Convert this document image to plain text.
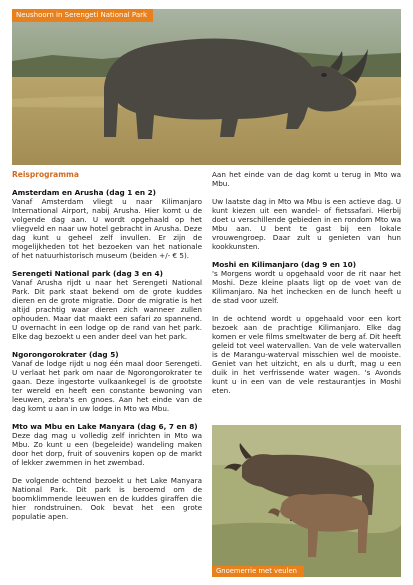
Neushoorn in Serengeti National Park
Reisprogramma
Amsterdam en Arusha (dag 1 en 2)

Vanaf Amsterdam vliegt u naar Kilimanjaro International Airport, nabij Arusha. Hier komt u de volgende dag aan. U wordt opgehaald op het vliegveld en naar uw hotel gebracht in Arusha. Deze dag kunt u geheel zelf invullen. Er zijn de mogelijkheden tot het bezoeken van het nationale of het natuurhistorisch museum (beiden +/- € 5).

Serengeti National park (dag 3 en 4)

Vanaf Arusha rijdt u naar het Serengeti National Park. Dit park staat bekend om de grote kuddes dieren en de grote migratie. Door de migratie is het altijd prachtig waar dieren zich wanneer zullen ophouden. Maar dat maakt een safari zo spannend. U overnacht in een lodge op de rand van het park. Elke dag bezoekt u een ander deel van het park.

Ngorongorokrater (dag 5)

Vanaf de lodge rijdt u nog één maal door Serengeti. U verlaat het park om naar de Ngorongorokrater te gaan. Deze ingestorte vulkaankegel is de grootste ter wereld en heeft een constante bewoning van leeuwen, zebra's en gnoes. Aan het einde van de dag komt u aan in uw lodge in Mto wa Mbu.

Mto wa Mbu en Lake Manyara (dag 6, 7 en 8)

Deze dag mag u volledig zelf inrichten in Mto wa Mbu. Zo kunt u een (begeleide) wandeling maken door het dorp, fruit of souvenirs kopen op de markt of lekker zwemmen in het zwembad.

De volgende ochtend bezoekt u het Lake Manyara National Park. Dit park is beroemd om de boomklimmende leeuwen en de kuddes giraffen die hier rondstruinen. Ook bevat het een grote populatie apen.

Aan het einde van de dag komt u terug in Mto wa Mbu.

Uw laatste dag in Mto wa Mbu is een actieve dag. U kunt kiezen uit een wandel- of fietssafari. Hierbij doet u verschillende gebieden in en rondom Mto wa Mbu aan. U bent te gast bij een lokale vrouwengroep. Daar zult u genieten van hun kookkunsten.

Moshi en Kilimanjaro (dag 9 en 10)

's Morgens wordt u opgehaald voor de rit naar het Moshi. Deze kleine plaats ligt op de voet van de Kilimanjaro. Na het inchecken en de lunch heeft u de stad voor uzelf.

In de ochtend wordt u opgehaald voor een kort bezoek aan de prachtige Kilimanjaro. Elke dag komen er vele films smeltwater de berg af. Dit heeft geleid tot veel watervallen. Van de vele watervallen is de Marangu-waterval misschien wel de mooiste. Geniet van het uitzicht, en als u durft, mag u een duik in het verfrissende water wagen. 's Avonds kunt u in een van de vele restaurantjes in Moshi eten.

Gnoemerrie met veulen
